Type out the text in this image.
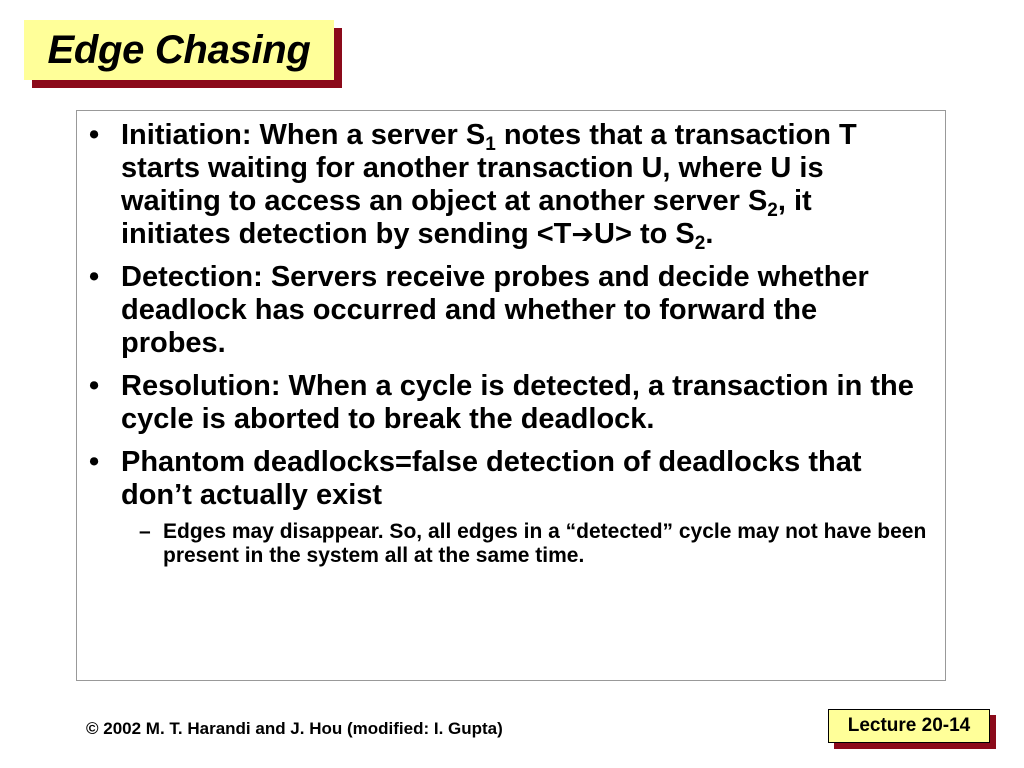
Edge Chasing
• Initiation: When a server $S_1$ notes that a transaction T starts waiting for another transaction U, where U is waiting to access an object at another server $S_2$, it initiates detection by sending <T➔U> to $S_2$.
• Detection: Servers receive probes and decide whether deadlock has occurred and whether to forward the probes.
• Resolution: When a cycle is detected, a transaction in the cycle is aborted to break the deadlock.
• Phantom deadlocks=false detection of deadlocks that don’t actually exist
– Edges may disappear. So, all edges in a “detected” cycle may not have been present in the system all at the same time.
© 2002 M. T. Harandi and J. Hou (modified: I. Gupta)	Lecture 20-14
